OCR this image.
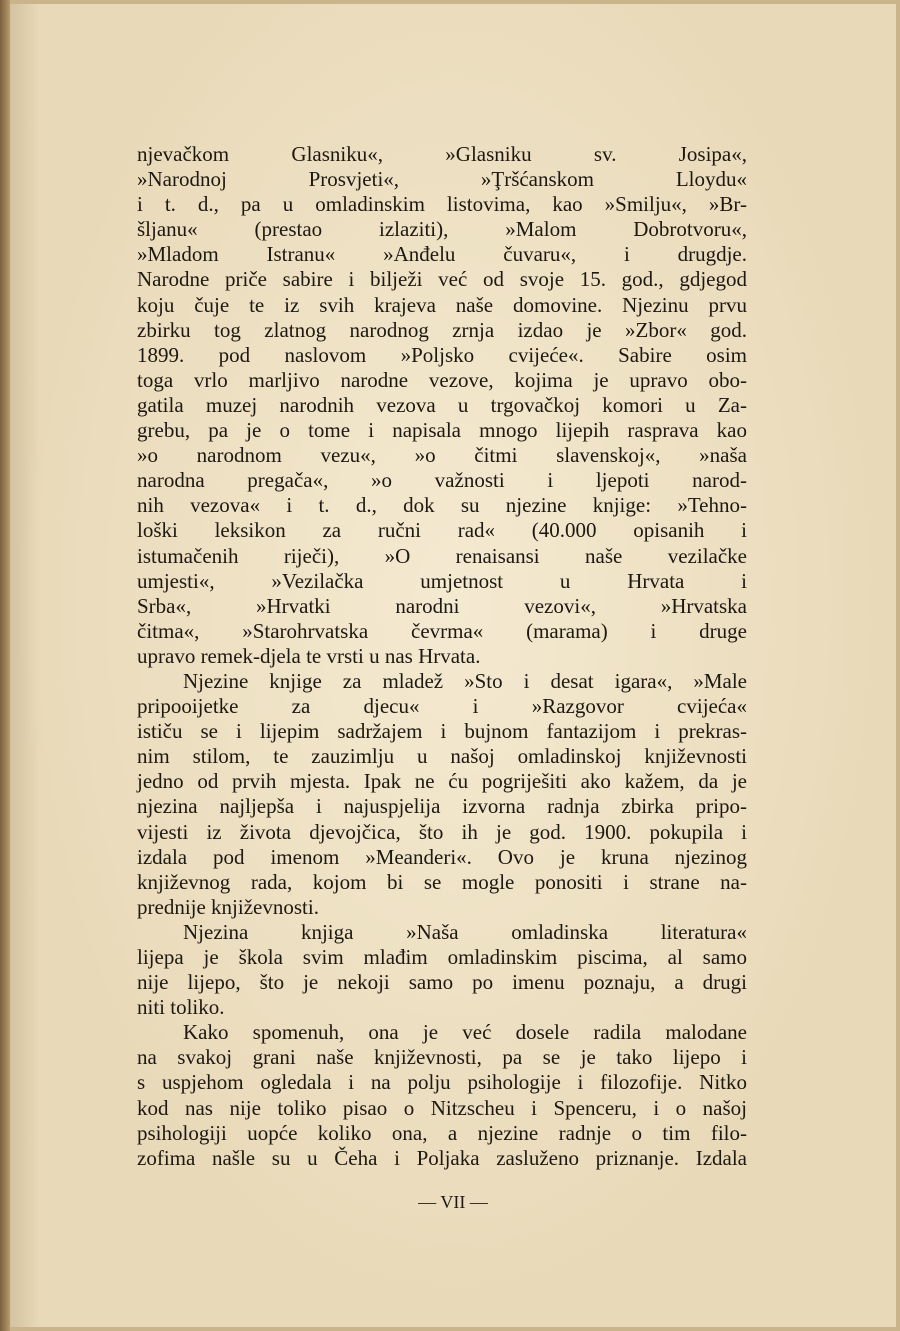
njevačkom Glasniku«, »Glasniku sv. Josipa«,
»Narodnoj Prosvjeti«, »Ţršćanskom Lloydu«
i t. d., pa u omladinskim listovima, kao »Smilju«, »Br-
šljanu« (prestao izlaziti), »Malom Dobrotvoru«,
»Mladom Istranu« »Anđelu čuvaru«, i drugdje.
Narodne priče sabire i bilježi već od svoje 15. god., gdjegod
koju čuje te iz svih krajeva naše domovine. Njezinu prvu
zbirku tog zlatnog narodnog zrnja izdao je »Zbor« god.
1899. pod naslovom »Poljsko cvijeće«. Sabire osim
toga vrlo marljivo narodne vezove, kojima je upravo obo-
gatila muzej narodnih vezova u trgovačkoj komori u Za-
grebu, pa je o tome i napisala mnogo lijepih rasprava kao
»o narodnom vezu«, »o čitmi slavenskoj«, »naša
narodna pregača«, »o važnosti i ljepoti narod-
nih vezova« i t. d., dok su njezine knjige: »Tehno-
loški leksikon za ručni rad« (40.000 opisanih i
istumačenih riječi), »O renaisansi naše vezilačke
umjesti«, »Vezilačka umjetnost u Hrvata i
Srba«, »Hrvatki narodni vezovi«, »Hrvatska
čitma«, »Starohrvatska čevrma« (marama) i druge
upravo remek-djela te vrsti u nas Hrvata.
Njezine knjige za mladež »Sto i desat igara«, »Male
pripooijetke za djecu« i »Razgovor cvijeća«
ističu se i lijepim sadržajem i bujnom fantazijom i prekras-
nim stilom, te zauzimlju u našoj omladinskoj književnosti
jedno od prvih mjesta. Ipak ne ću pogriješiti ako kažem, da je
njezina najljepša i najuspjelija izvorna radnja zbirka pripo-
vijesti iz života djevojčica, što ih je god. 1900. pokupila i
izdala pod imenom »Meanderi«. Ovo je kruna njezinog
književnog rada, kojom bi se mogle ponositi i strane na-
prednije književnosti.
Njezina knjiga »Naša omladinska literatura«
lijepa je škola svim mlađim omladinskim piscima, al samo
nije lijepo, što je nekoji samo po imenu poznaju, a drugi
niti toliko.
Kako spomenuh, ona je već dosele radila malodane
na svakoj grani naše književnosti, pa se je tako lijepo i
s uspjehom ogledala i na polju psihologije i filozofije. Nitko
kod nas nije toliko pisao o Nitzscheu i Spenceru, i o našoj
psihologiji uopće koliko ona, a njezine radnje o tim filo-
zofima našle su u Čeha i Poljaka zasluženo priznanje. Izdala
— VII —
